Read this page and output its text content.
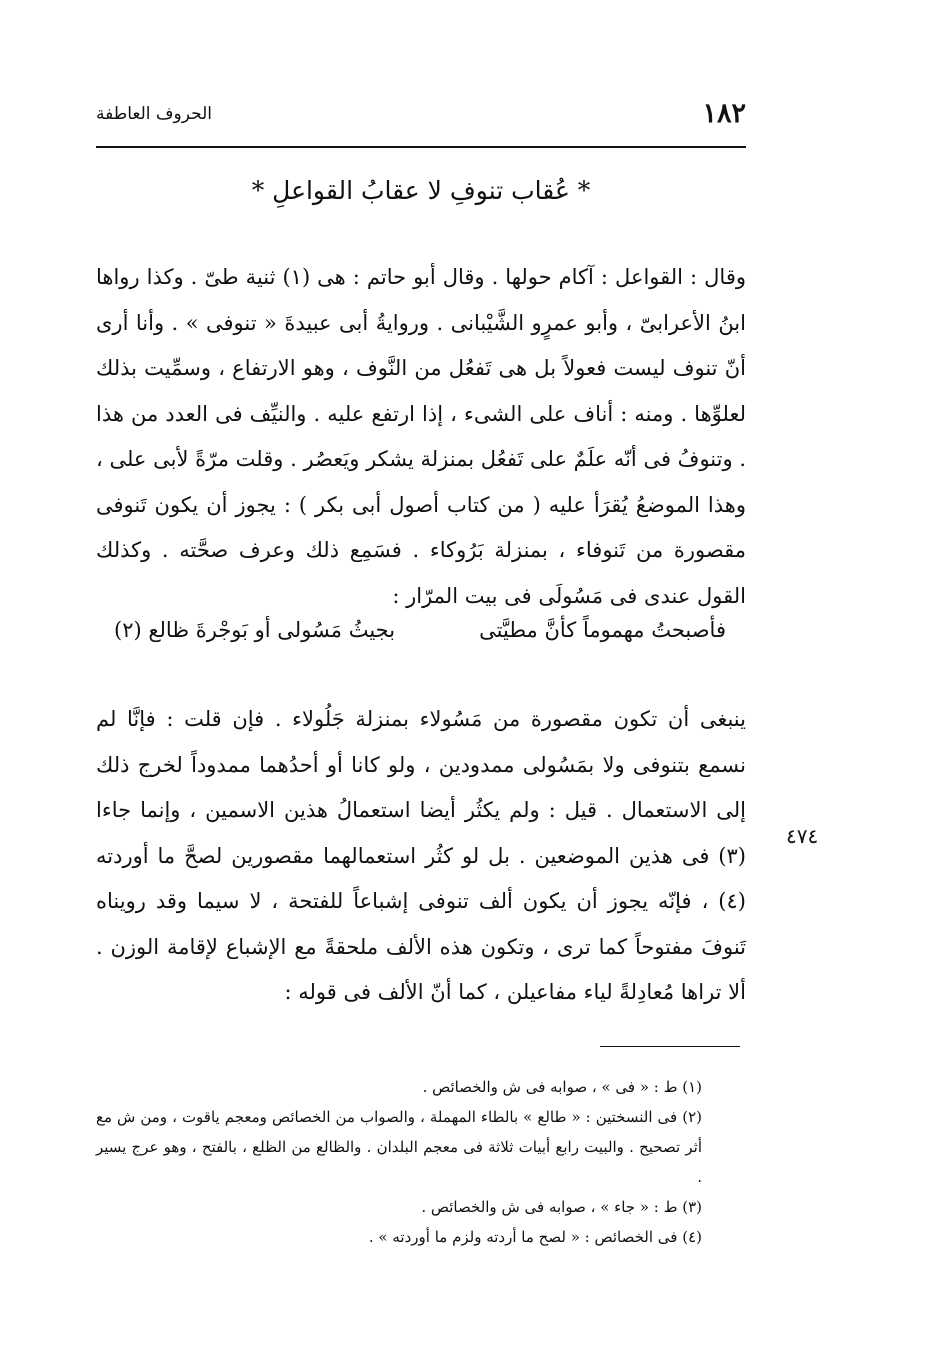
١٨٢
الحروف العاطفة
* عُقاب تنوفِ لا عقابُ القواعلِ *

وقال : القواعل : آكام حولها . وقال أبو حاتم : هى (١) ثنية طىّ . وكذا رواها ابنُ الأعرابىّ ، وأبو عمرٍو الشَّيْبانى . وروايةُ أبى عبيدةَ « تنوفى » . وأنا أرى أنّ تنوف ليست فعولاً بل هى تَفعُل من النَّوف ، وهو الارتفاع ، وسمِّيت بذلك لعلوِّها . ومنه : أناف على الشىء ، إذا ارتفع عليه . والنيِّف فى العدد من هذا . وتنوفُ فى أنّه علَمٌ على تَفعُل بمنزلة يشكر ويَعصُر . وقلت مرّةً لأبى على ، وهذا الموضعُ يُقرَأ عليه ( من كتاب أصول أبى بكر ) : يجوز أن يكون تَنوفى مقصورة من تَنوفاء ، بمنزلة بَرُوكاء . فسَمِع ذلك وعرف صحَّته . وكذلك القول عندى فى مَسُولَى فى بيت المرّار :

فأصبحتُ مهموماً كأنَّ مطيَّتى
بجيثُ مَسُولى أو بَوجْرةَ ظالع (٢)

ينبغى أن تكون مقصورة من مَسُولاء بمنزلة جَلُولاء . فإن قلت : فإنَّا لم نسمع بتنوفى ولا بمَسُولى ممدودين ، ولو كانا أو أحدُهما ممدوداً لخرج ذلك إلى الاستعمال . قيل : ولم يكثُر أيضا استعمالُ هذين الاسمين ، وإنما جاءا (٣) فى هذين الموضعين . بل لو كثُر استعمالهما مقصورين لصحَّ ما أوردته (٤) ، فإنّه يجوز أن يكون ألف تنوفى إشباعاً للفتحة ، لا سيما وقد رويناه تَنوفَ مفتوحاً كما ترى ، وتكون هذه الألف ملحقةً مع الإشباع لإقامة الوزن . ألا تراها مُعادِلةً لياء مفاعيلن ، كما أنّ الألف فى قوله :

٤٧٤
(١) ط : « فى » ، صوابه فى ش والخصائص .
(٢) فى النسختين : « طالع » بالطاء المهملة ، والصواب من الخصائص ومعجم ياقوت ، ومن ش مع أثر تصحيح . والبيت رابع أبيات ثلاثة فى معجم البلدان . والظالع من الظلع ، بالفتح ، وهو عرج يسير .
(٣) ط : « جاء » ، صوابه فى ش والخصائص .
(٤) فى الخصائص : « لصح ما أردته ولزم ما أوردته » .
